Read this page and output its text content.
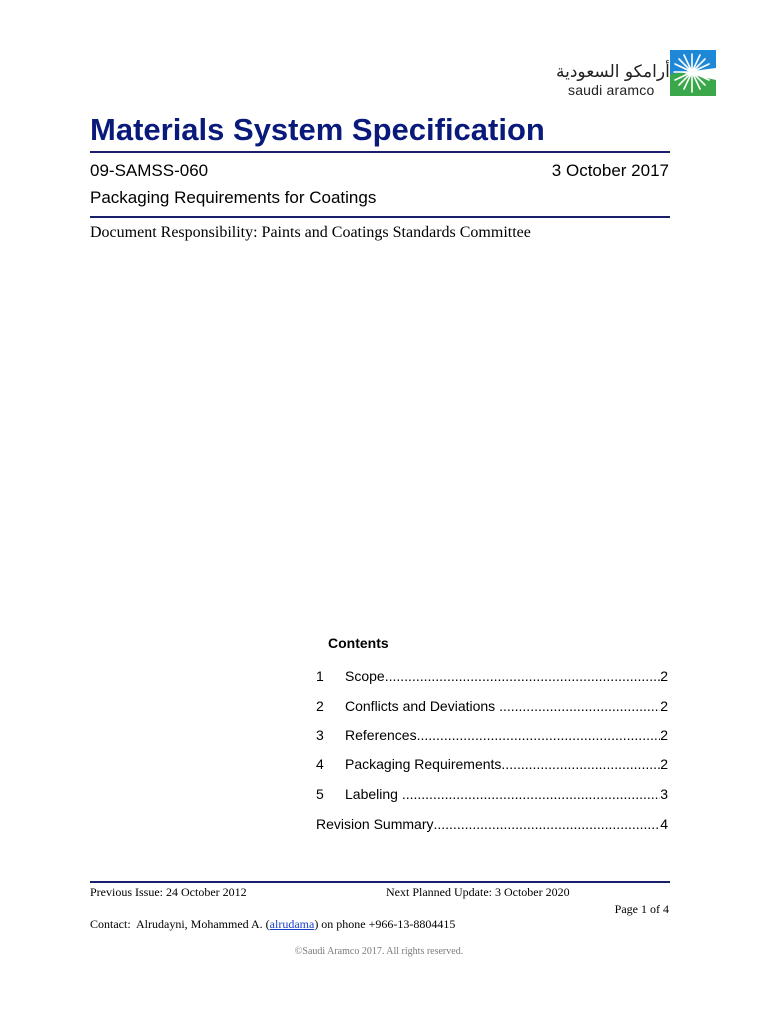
أرامكو السعودية
saudi aramco
Materials System Specification
09-SAMSS-060	3 October 2017
Packaging Requirements for Coatings
Document Responsibility: Paints and Coatings Standards Committee
Contents
1	Scope .....	2
2	Conflicts and Deviations .....	2
3	References .....	2
4	Packaging Requirements .....	2
5	Labeling .....	3
Revision Summary .....	4
Previous Issue: 24 October 2012	Next Planned Update: 3 October 2020
Page 1 of 4
Contact:  Alrudayni, Mohammed A. (alrudama) on phone +966-13-8804415
©Saudi Aramco 2017. All rights reserved.
